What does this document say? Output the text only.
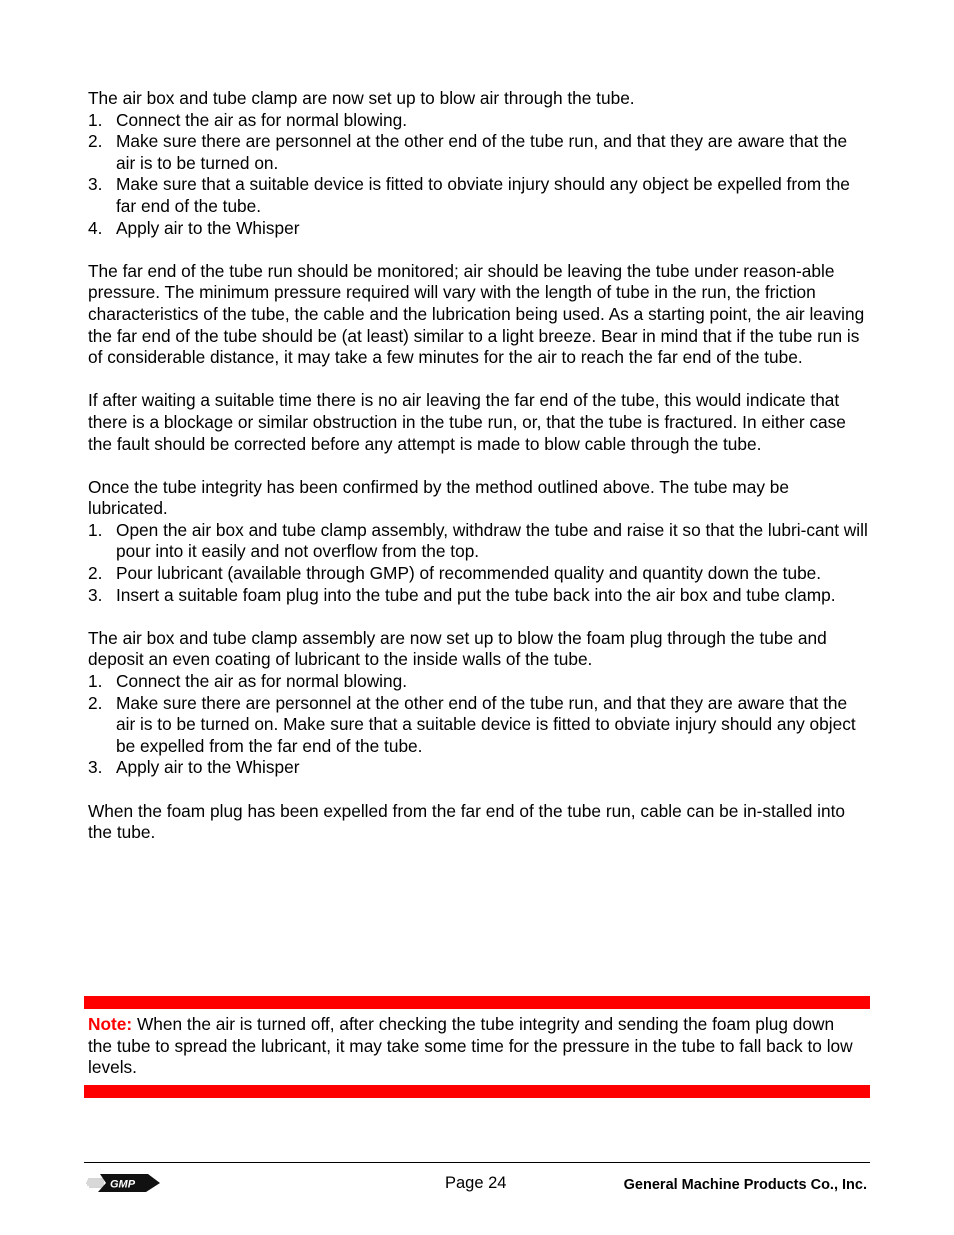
The air box and tube clamp are now set up to blow air through the tube.

1. Connect the air as for normal blowing.
2. Make sure there are personnel at the other end of the tube run, and that they are aware that the air is to be turned on.
3. Make sure that a suitable device is fitted to obviate injury should any object be expelled from the far end of the tube.
4. Apply air to the Whisper

The far end of the tube run should be monitored; air should be leaving the tube under reason-able pressure. The minimum pressure required will vary with the length of tube in the run, the friction characteristics of the tube, the cable and the lubrication being used. As a starting point, the air leaving the far end of the tube should be (at least) similar to a light breeze. Bear in mind that if the tube run is of considerable distance, it may take a few minutes for the air to reach the far end of the tube.

If after waiting a suitable time there is no air leaving the far end of the tube, this would indicate that there is a blockage or similar obstruction in the tube run, or, that the tube is fractured. In either case the fault should be corrected before any attempt is made to blow cable through the tube.

Once the tube integrity has been confirmed by the method outlined above. The tube may be lubricated.

1. Open the air box and tube clamp assembly, withdraw the tube and raise it so that the lubri-cant will pour into it easily and not overflow from the top.
2. Pour lubricant (available through GMP) of recommended quality and quantity down the tube.
3. Insert a suitable foam plug into the tube and put the tube back into the air box and tube clamp.

The air box and tube clamp assembly are now set up to blow the foam plug through the tube and deposit an even coating of lubricant to the inside walls of the tube.

1. Connect the air as for normal blowing.
2. Make sure there are personnel at the other end of the tube run, and that they are aware that the air is to be turned on. Make sure that a suitable device is fitted to obviate injury should any object be expelled from the far end of the tube.
3. Apply air to the Whisper

When the foam plug has been expelled from the far end of the tube run, cable can be in-stalled into the tube.

Note: When the air is turned off, after checking the tube integrity and sending the foam plug down the tube to spread the lubricant, it may take some time for the pressure in the tube to fall back to low levels.
GMP	Page 24	General Machine Products Co., Inc.
